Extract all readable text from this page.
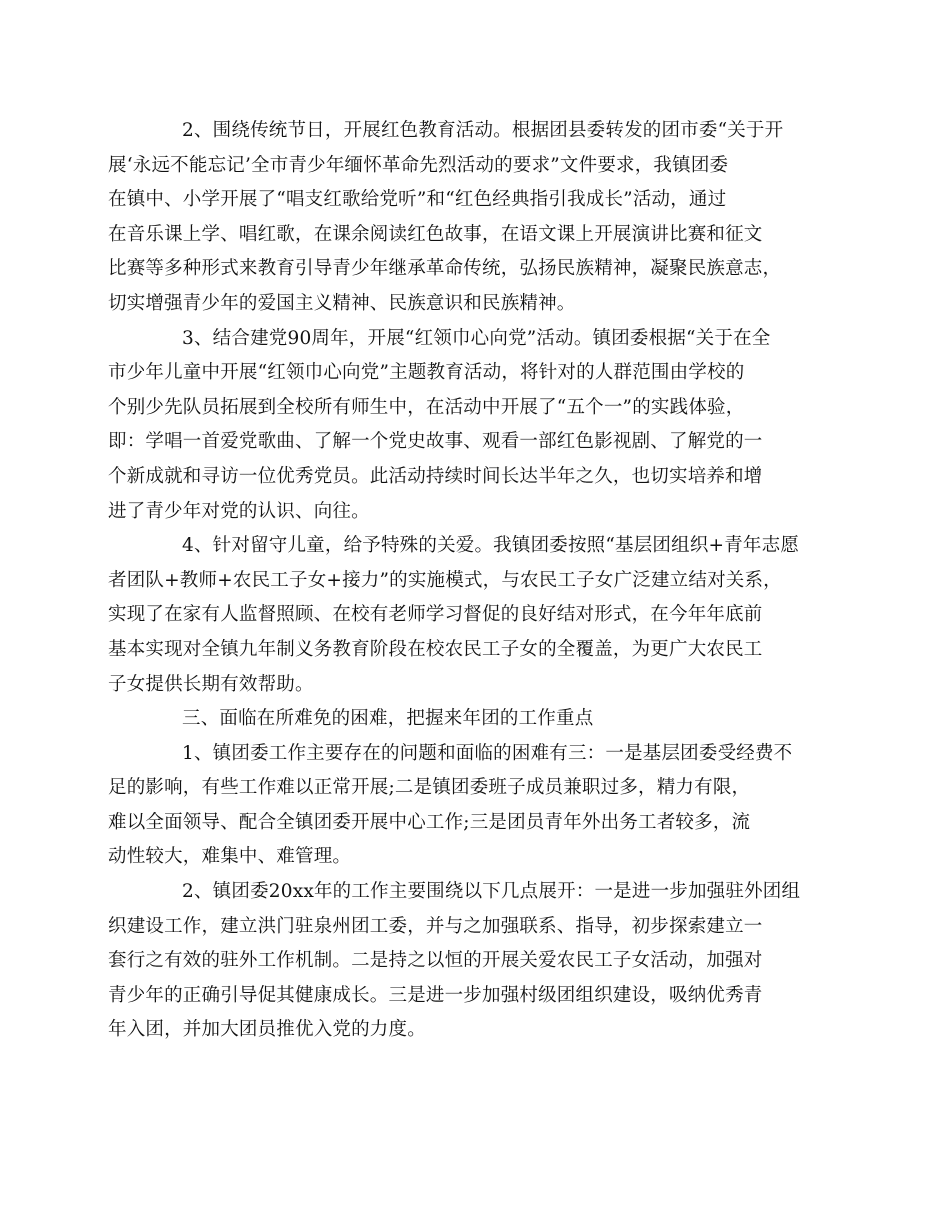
2、围绕传统节日，开展红色教育活动。根据团县委转发的团市委“关于开
展‘永远不能忘记’全市青少年缅怀革命先烈活动的要求”文件要求，我镇团委
在镇中、小学开展了“唱支红歌给党听”和“红色经典指引我成长”活动，通过
在音乐课上学、唱红歌，在课余阅读红色故事，在语文课上开展演讲比赛和征文
比赛等多种形式来教育引导青少年继承革命传统，弘扬民族精神，凝聚民族意志，
切实增强青少年的爱国主义精神、民族意识和民族精神。

3、结合建党90周年，开展“红领巾心向党”活动。镇团委根据“关于在全
市少年儿童中开展“红领巾心向党”主题教育活动，将针对的人群范围由学校的
个别少先队员拓展到全校所有师生中，在活动中开展了“五个一”的实践体验，
即：学唱一首爱党歌曲、了解一个党史故事、观看一部红色影视剧、了解党的一
个新成就和寻访一位优秀党员。此活动持续时间长达半年之久，也切实培养和增
进了青少年对党的认识、向往。

4、针对留守儿童，给予特殊的关爱。我镇团委按照“基层团组织+青年志愿
者团队+教师+农民工子女+接力”的实施模式，与农民工子女广泛建立结对关系，
实现了在家有人监督照顾、在校有老师学习督促的良好结对形式，在今年年底前
基本实现对全镇九年制义务教育阶段在校农民工子女的全覆盖，为更广大农民工
子女提供长期有效帮助。

三、面临在所难免的困难，把握来年团的工作重点

1、镇团委工作主要存在的问题和面临的困难有三：一是基层团委受经费不
足的影响，有些工作难以正常开展;二是镇团委班子成员兼职过多，精力有限，
难以全面领导、配合全镇团委开展中心工作;三是团员青年外出务工者较多，流
动性较大，难集中、难管理。

2、镇团委20xx年的工作主要围绕以下几点展开：一是进一步加强驻外团组
织建设工作，建立洪门驻泉州团工委，并与之加强联系、指导，初步探索建立一
套行之有效的驻外工作机制。二是持之以恒的开展关爱农民工子女活动，加强对
青少年的正确引导促其健康成长。三是进一步加强村级团组织建设，吸纳优秀青
年入团，并加大团员推优入党的力度。
